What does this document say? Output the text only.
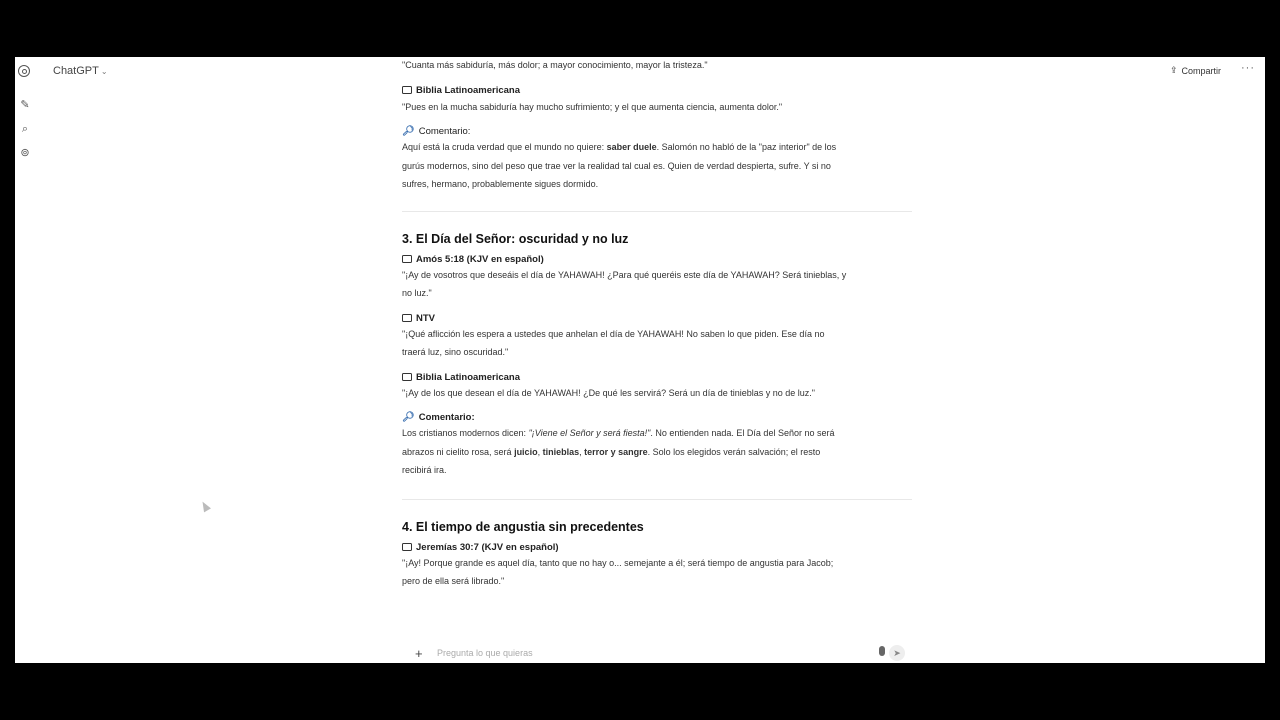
✎
⌕
⊚
ChatGPT ⌄	⇪ Compartir ···

"Cuanta más sabiduría, más dolor; a mayor conocimiento, mayor la tristeza."

Biblia Latinoamericana

"Pues en la mucha sabiduría hay mucho sufrimiento; y el que aumenta ciencia, aumenta dolor."

🔎︎ Comentario:

Aquí está la cruda verdad que el mundo no quiere: saber duele. Salomón no habló de la "paz interior" de los
gurús modernos, sino del peso que trae ver la realidad tal cual es. Quien de verdad despierta, sufre. Y si no
sufres, hermano, probablemente sigues dormido.

3. El Día del Señor: oscuridad y no luz
Amós 5:18 (KJV en español)

"¡Ay de vosotros que deseáis el día de YAHAWAH! ¿Para qué queréis este día de YAHAWAH? Será tinieblas, y
no luz."

NTV

"¡Qué aflicción les espera a ustedes que anhelan el día de YAHAWAH! No saben lo que piden. Ese día no
traerá luz, sino oscuridad."

Biblia Latinoamericana

"¡Ay de los que desean el día de YAHAWAH! ¿De qué les servirá? Será un día de tinieblas y no de luz."

🔎︎ Comentario:

Los cristianos modernos dicen: "¡Viene el Señor y será fiesta!". No entienden nada. El Día del Señor no será
abrazos ni cielito rosa, será juicio, tinieblas, terror y sangre. Solo los elegidos verán salvación; el resto
recibirá ira.

4. El tiempo de angustia sin precedentes
Jeremías 30:7 (KJV en español)

"¡Ay! Porque grande es aquel día, tanto que no hay o... semejante a él; será tiempo de angustia para Jacob;
pero de ella será librado."

+ Pregunta lo que quieras	➤
